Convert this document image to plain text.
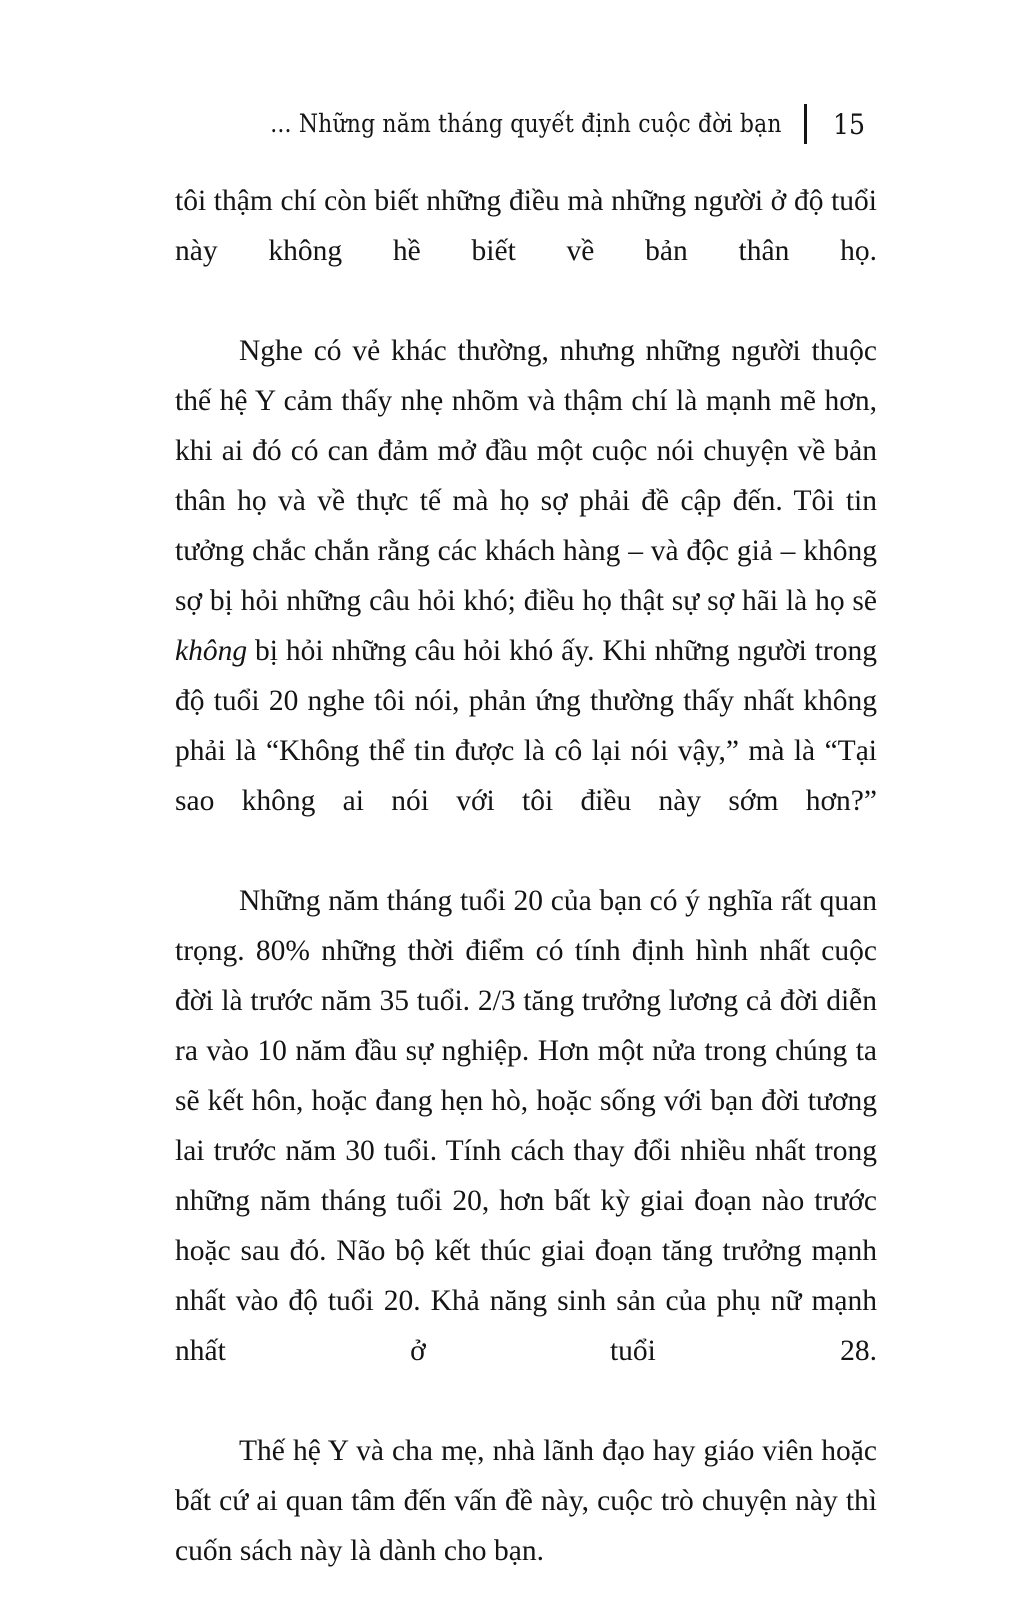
... Những năm tháng quyết định cuộc đời bạn 15

tôi thậm chí còn biết những điều mà những người ở độ tuổi này không hề biết về bản thân họ.

Nghe có vẻ khác thường, nhưng những người thuộc thế hệ Y cảm thấy nhẹ nhõm và thậm chí là mạnh mẽ hơn, khi ai đó có can đảm mở đầu một cuộc nói chuyện về bản thân họ và về thực tế mà họ sợ phải đề cập đến. Tôi tin tưởng chắc chắn rằng các khách hàng – và độc giả – không sợ bị hỏi những câu hỏi khó; điều họ thật sự sợ hãi là họ sẽ không bị hỏi những câu hỏi khó ấy. Khi những người trong độ tuổi 20 nghe tôi nói, phản ứng thường thấy nhất không phải là “Không thể tin được là cô lại nói vậy,” mà là “Tại sao không ai nói với tôi điều này sớm hơn?”

Những năm tháng tuổi 20 của bạn có ý nghĩa rất quan trọng. 80% những thời điểm có tính định hình nhất cuộc đời là trước năm 35 tuổi. 2/3 tăng trưởng lương cả đời diễn ra vào 10 năm đầu sự nghiệp. Hơn một nửa trong chúng ta sẽ kết hôn, hoặc đang hẹn hò, hoặc sống với bạn đời tương lai trước năm 30 tuổi. Tính cách thay đổi nhiều nhất trong những năm tháng tuổi 20, hơn bất kỳ giai đoạn nào trước hoặc sau đó. Não bộ kết thúc giai đoạn tăng trưởng mạnh nhất vào độ tuổi 20. Khả năng sinh sản của phụ nữ mạnh nhất ở tuổi 28.

Thế hệ Y và cha mẹ, nhà lãnh đạo hay giáo viên hoặc bất cứ ai quan tâm đến vấn đề này, cuộc trò chuyện này thì cuốn sách này là dành cho bạn.
